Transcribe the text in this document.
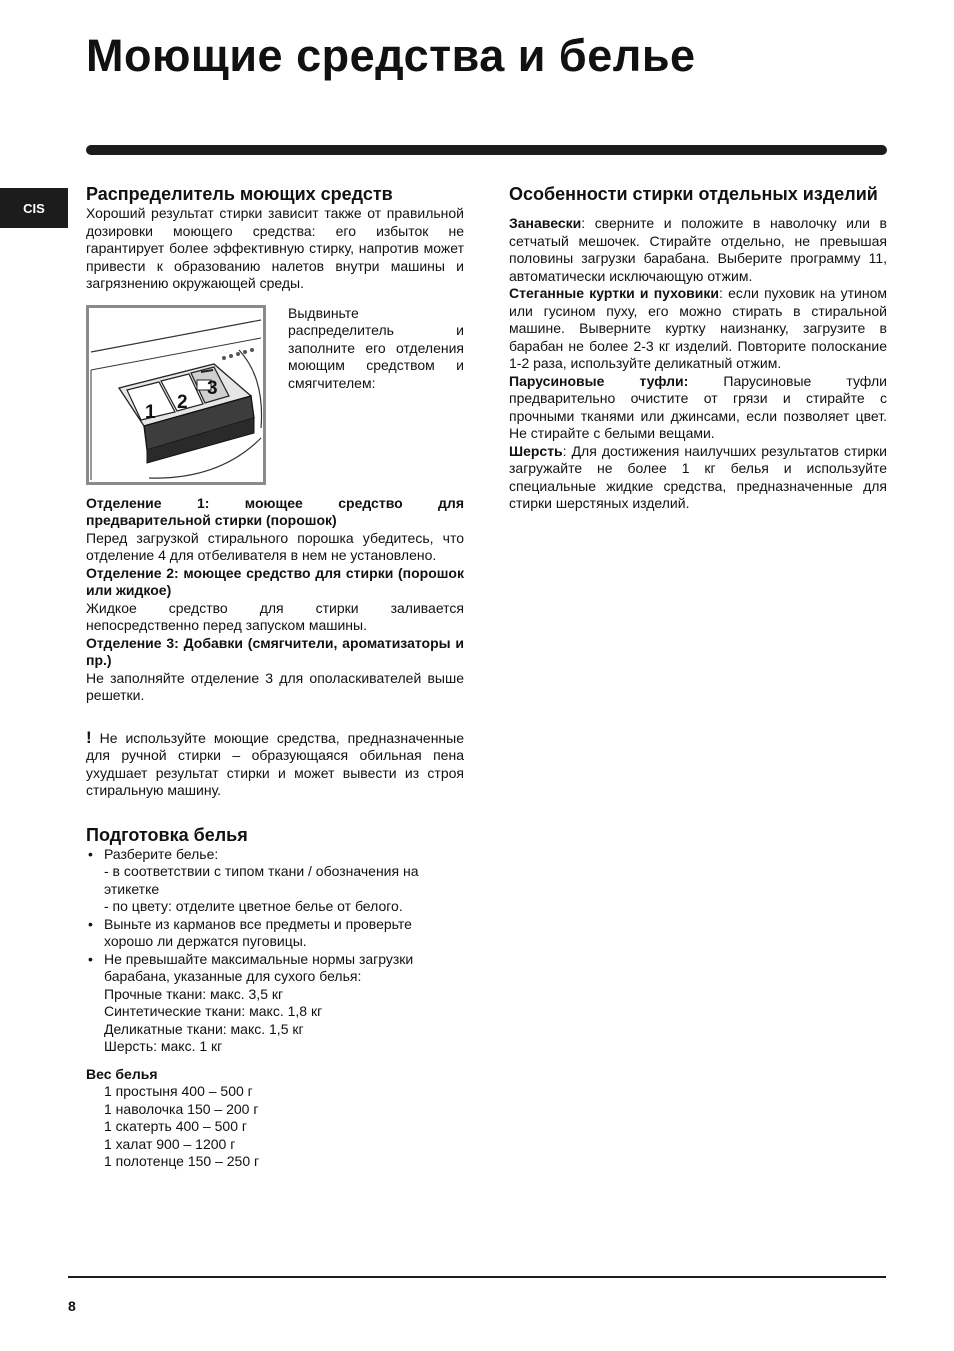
Моющие средства и белье
CIS
Распределитель моющих средств

Хороший результат стирки зависит также от правильной дозировки моющего средства: его избыток не гарантирует более эффективную стирку, напротив может привести к образованию налетов внутри машины и загрязнению окружающей среды.

1 2
3

Выдвиньте распределитель и заполните его отделения моющим средством и смягчителем:

Отделение 1: моющее средство для предварительной стирки (порошок)

Перед загрузкой стирального порошка убедитесь, что отделение 4 для отбеливателя в нем не установлено.

Отделение 2: моющее средство для стирки (порошок или жидкое)

Жидкое средство для стирки заливается непосредственно перед запуском машины.

Отделение 3: Добавки (смягчители, ароматизаторы и пр.)

Не заполняйте отделение 3 для ополаскивателей выше решетки.

! Не используйте моющие средства, предназначенные для ручной стирки – образующаяся обильная пена ухудшает результат стирки и может вывести из строя стиральную машину.

Подготовка белья
• Разберите белье:
- в соответствии с типом ткани / обозначения на этикетке
- по цвету: отделите цветное белье от белого.
• Выньте из карманов все предметы и проверьте хорошо ли держатся пуговицы.
• Не превышайте максимальные нормы загрузки барабана, указанные для сухого белья:
Прочные ткани: макс. 3,5 кг
Синтетические ткани: макс. 1,8 кг
Деликатные ткани: макс. 1,5 кг
Шерсть: макс. 1 кг

Вес белья

1 простыня 400 – 500 г
1 наволочка 150 – 200 г
1 скатерть 400 – 500 г
1 халат 900 – 1200 г
1 полотенце 150 – 250 г
Особенности стирки отдельных изделий

Занавески: сверните и положите в наволочку или в сетчатый мешочек. Стирайте отдельно, не превышая половины загрузки барабана. Выберите программу 11, автоматически исключающую отжим.

Стеганные куртки и пуховики: если пуховик на утином или гусином пуху, его можно стирать в стиральной машине. Выверните куртку наизнанку, загрузите в барабан не более 2-3 кг изделий. Повторите полоскание 1-2 раза, используйте деликатный отжим.

Парусиновые туфли: Парусиновые туфли предварительно очистите от грязи и стирайте с прочными тканями или джинсами, если позволяет цвет. Не стирайте с белыми вещами.

Шерсть: Для достижения наилучших результатов стирки загружайте не более 1 кг белья и используйте специальные жидкие средства, предназначенные для стирки шерстяных изделий.

8
